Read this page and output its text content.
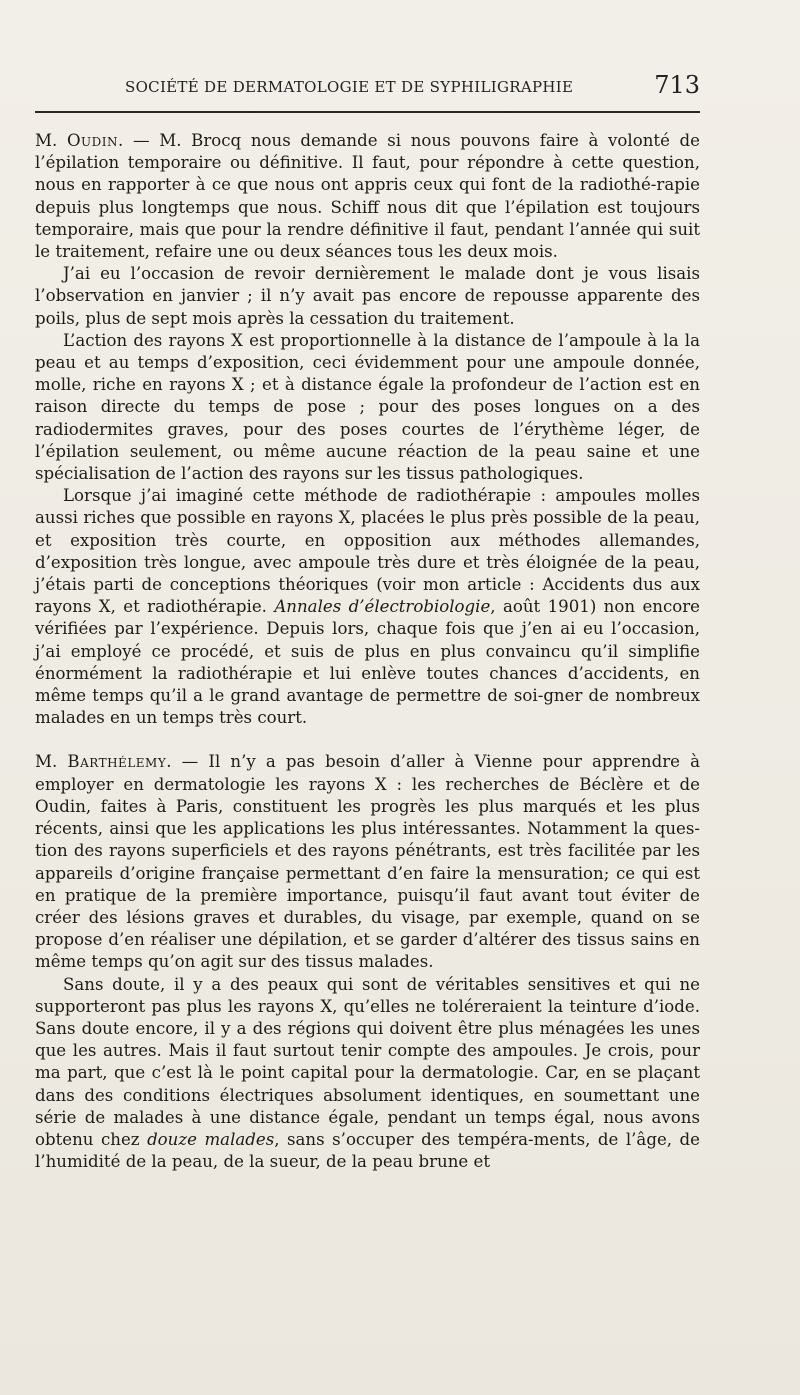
SOCIÉTÉ DE DERMATOLOGIE ET DE SYPHILIGRAPHIE	713

M. Oudin. — M. Brocq nous demande si nous pouvons faire à volonté de l’épilation temporaire ou définitive. Il faut, pour répondre à cette question, nous en rapporter à ce que nous ont appris ceux qui font de la radiothé-rapie depuis plus longtemps que nous. Schiff nous dit que l’épilation est toujours temporaire, mais que pour la rendre définitive il faut, pendant l’année qui suit le traitement, refaire une ou deux séances tous les deux mois.

J’ai eu l’occasion de revoir dernièrement le malade dont je vous lisais l’observation en janvier ; il n’y avait pas encore de repousse apparente des poils, plus de sept mois après la cessation du traitement.

L’action des rayons X est proportionnelle à la distance de l’ampoule à la la peau et au temps d’exposition, ceci évidemment pour une ampoule donnée, molle, riche en rayons X ; et à distance égale la profondeur de l’action est en raison directe du temps de pose ; pour des poses longues on a des radiodermites graves, pour des poses courtes de l’érythème léger, de l’épilation seulement, ou même aucune réaction de la peau saine et une spécialisation de l’action des rayons sur les tissus pathologiques.

Lorsque j’ai imaginé cette méthode de radiothérapie : ampoules molles aussi riches que possible en rayons X, placées le plus près possible de la peau, et exposition très courte, en opposition aux méthodes allemandes, d’exposition très longue, avec ampoule très dure et très éloignée de la peau, j’étais parti de conceptions théoriques (voir mon article : Accidents dus aux rayons X, et radiothérapie. Annales d’électrobiologie, août 1901) non encore vérifiées par l’expérience. Depuis lors, chaque fois que j’en ai eu l’occasion, j’ai employé ce procédé, et suis de plus en plus convaincu qu’il simplifie énormément la radiothérapie et lui enlève toutes chances d’accidents, en même temps qu’il a le grand avantage de permettre de soi-gner de nombreux malades en un temps très court.

M. Barthélemy. — Il n’y a pas besoin d’aller à Vienne pour apprendre à employer en dermatologie les rayons X : les recherches de Béclère et de Oudin, faites à Paris, constituent les progrès les plus marqués et les plus récents, ainsi que les applications les plus intéressantes. Notamment la ques-tion des rayons superficiels et des rayons pénétrants, est très facilitée par les appareils d’origine française permettant d’en faire la mensuration; ce qui est en pratique de la première importance, puisqu’il faut avant tout éviter de créer des lésions graves et durables, du visage, par exemple, quand on se propose d’en réaliser une dépilation, et se garder d’altérer des tissus sains en même temps qu’on agit sur des tissus malades.

Sans doute, il y a des peaux qui sont de véritables sensitives et qui ne supporteront pas plus les rayons X, qu’elles ne toléreraient la teinture d’iode. Sans doute encore, il y a des régions qui doivent être plus ménagées les unes que les autres. Mais il faut surtout tenir compte des ampoules. Je crois, pour ma part, que c’est là le point capital pour la dermatologie. Car, en se plaçant dans des conditions électriques absolument identiques, en soumettant une série de malades à une distance égale, pendant un temps égal, nous avons obtenu chez douze malades, sans s’occuper des tempéra-ments, de l’âge, de l’humidité de la peau, de la sueur, de la peau brune et
